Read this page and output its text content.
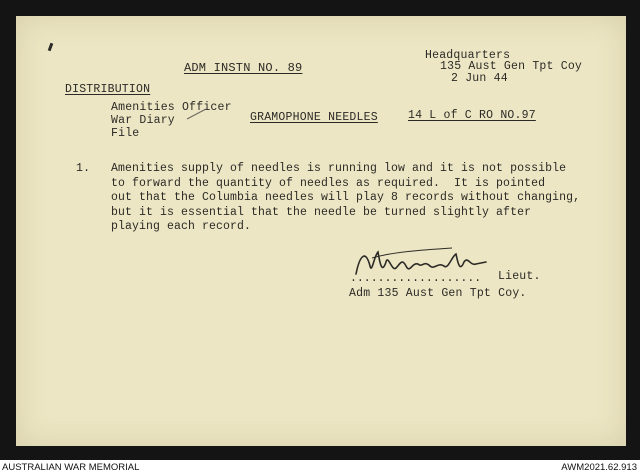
ADM INSTN NO. 89
Headquarters
135 Aust Gen Tpt Coy
2 Jun 44
DISTRIBUTION
Amenities Officer
War Diary
File
GRAMOPHONE NEEDLES	14 L of C RO NO.97
1. Amenities supply of needles is running low and it is not possible
to forward the quantity of needles as required.  It is pointed
out that the Columbia needles will play 8 records without changing,
but it is essential that the needle be turned slightly after
playing each record.
................... Lieut.
Adm 135 Aust Gen Tpt Coy.
AUSTRALIAN WAR MEMORIAL	AWM2021.62.913
